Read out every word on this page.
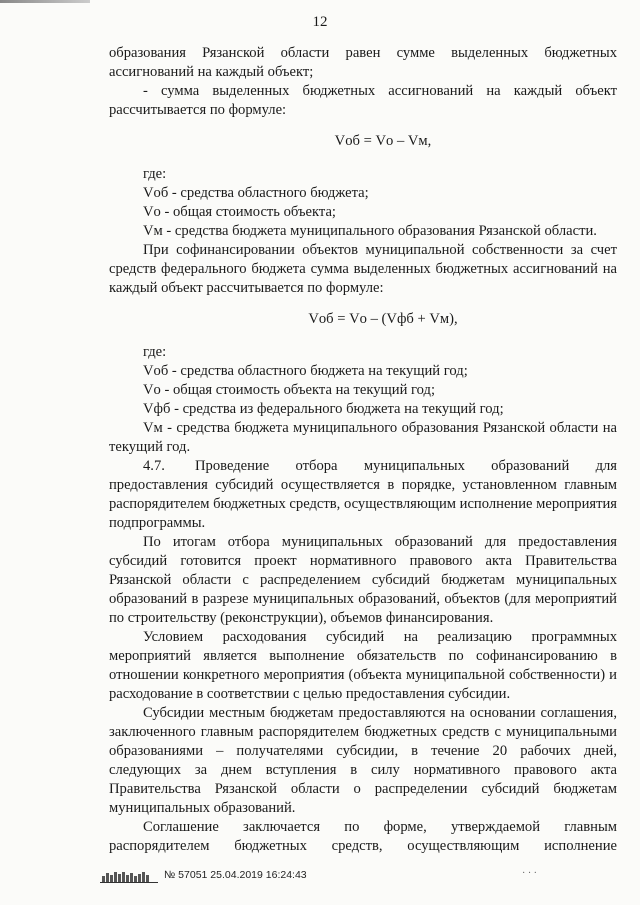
12

образования Рязанской области равен сумме выделенных бюджетных ассигнований на каждый объект;

- сумма выделенных бюджетных ассигнований на каждый объект рассчитывается по формуле:

Vоб = Vо – Vм,

где:

Vоб - средства областного бюджета;

Vо - общая стоимость объекта;

Vм - средства бюджета муниципального образования Рязанской области.

При софинансировании объектов муниципальной собственности за счет средств федерального бюджета сумма выделенных бюджетных ассигнований на каждый объект рассчитывается по формуле:

Vоб = Vо – (Vфб + Vм),

где:

Vоб - средства областного бюджета на текущий год;

Vо - общая стоимость объекта на текущий год;

Vфб - средства из федерального бюджета на текущий год;

Vм - средства бюджета муниципального образования Рязанской области на текущий год.

4.7. Проведение отбора муниципальных образований для предоставления субсидий осуществляется в порядке, установленном главным распорядителем бюджетных средств, осуществляющим исполнение мероприятия подпрограммы.

По итогам отбора муниципальных образований для предоставления субсидий готовится проект нормативного правового акта Правительства Рязанской области с распределением субсидий бюджетам муниципальных образований в разрезе муниципальных образований, объектов (для мероприятий по строительству (реконструкции), объемов финансирования.

Условием расходования субсидий на реализацию программных мероприятий является выполнение обязательств по софинансированию в отношении конкретного мероприятия (объекта муниципальной собственности) и расходование в соответствии с целью предоставления субсидии.

Субсидии местным бюджетам предоставляются на основании соглашения, заключенного главным распорядителем бюджетных средств с муниципальными образованиями – получателями субсидии, в течение 20 рабочих дней, следующих за днем вступления в силу нормативного правового акта Правительства Рязанской области о распределении субсидий бюджетам муниципальных образований.

Соглашение заключается по форме, утверждаемой главным распорядителем бюджетных средств, осуществляющим исполнение

№ 57051 25.04.2019 16:24:43	· · ·
